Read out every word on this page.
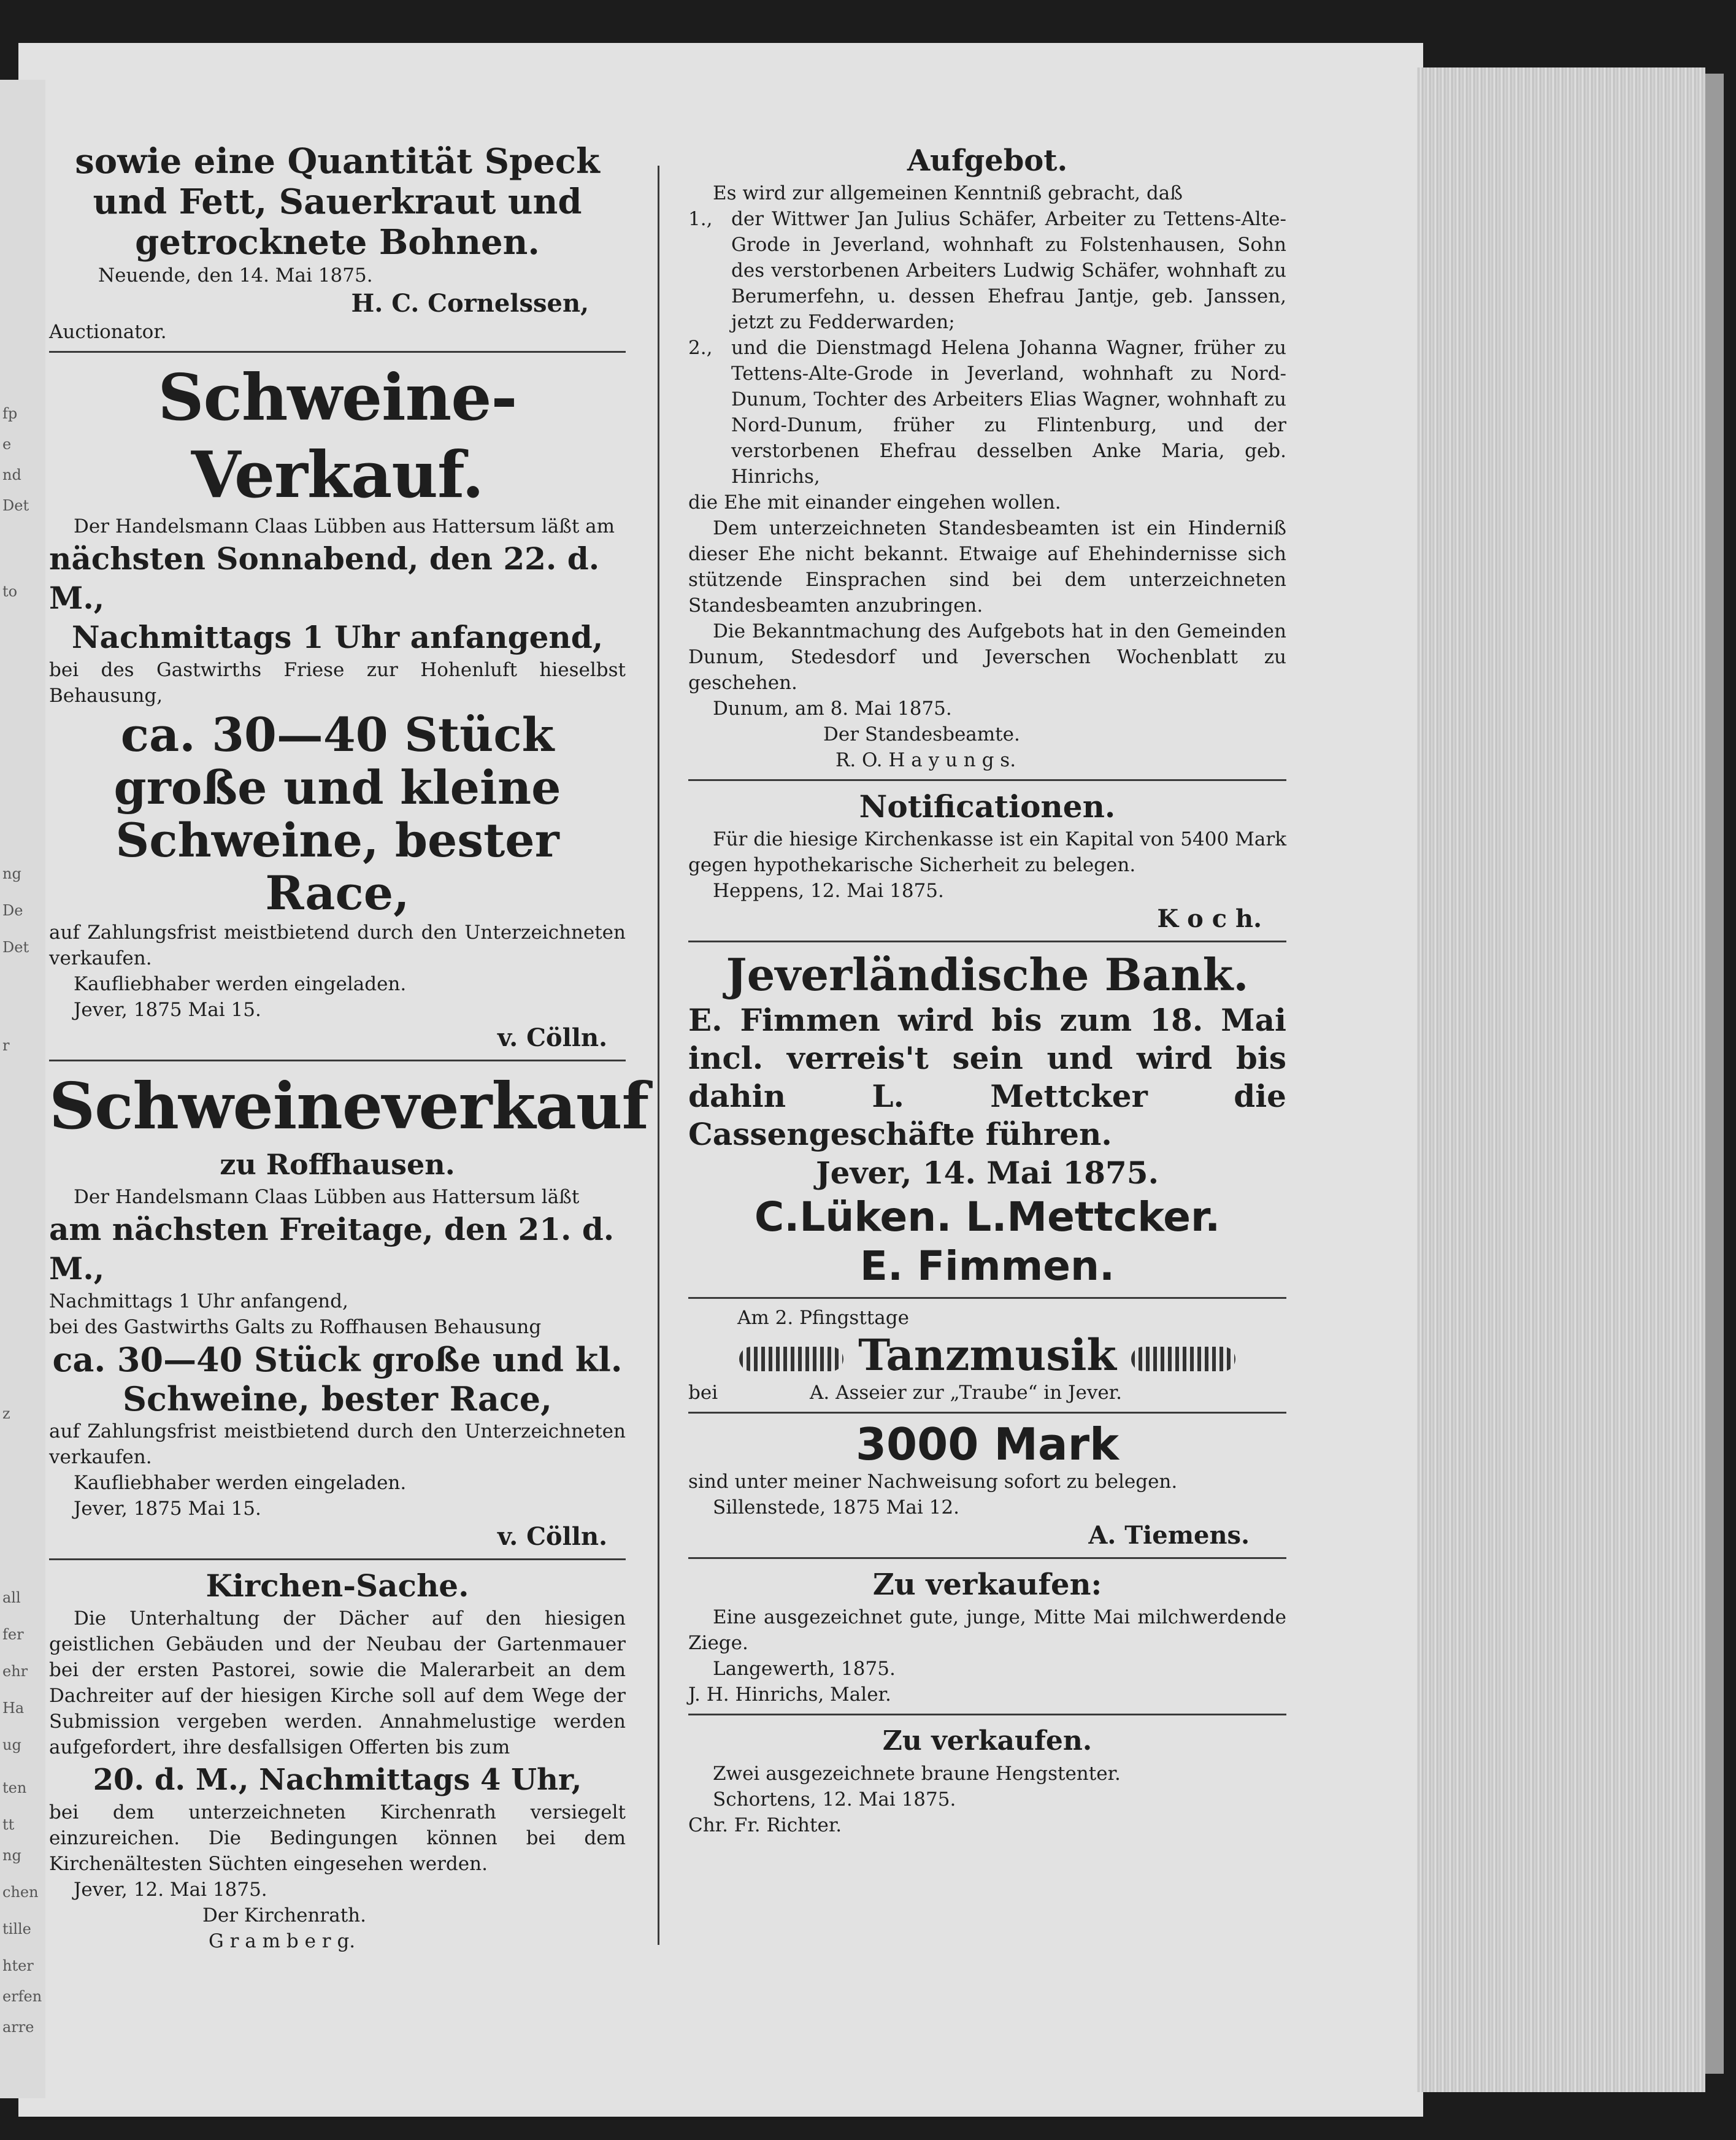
fp
e
nd
Det
to
ng
De
Det
r
z
all
fer
ehr
Ha
ug
ten
tt
ng
chen
tille
hter
erfen
arre

sowie eine Quantität Speck

und Fett, Sauerkraut und

getrocknete Bohnen.

Neuende, den 14. Mai 1875.

H. C. Cornelssen,

Auctionator.

Schweine-Verkauf.

Der Handelsmann Claas Lübben aus Hattersum läßt am

nächsten Sonnabend, den 22. d. M.,

Nachmittags 1 Uhr anfangend,

bei des Gastwirths Friese zur Hohenluft hieselbst Behausung,

ca. 30—40 Stück große und kleine Schweine, bester Race,

auf Zahlungsfrist meistbietend durch den Unterzeichneten verkaufen.

Kaufliebhaber werden eingeladen.

Jever, 1875 Mai 15.

v. Cölln.

Schweineverkauf

zu Roffhausen.

Der Handelsmann Claas Lübben aus Hattersum läßt

am nächsten Freitage, den 21. d. M.,

Nachmittags 1 Uhr anfangend,

bei des Gastwirths Galts zu Roffhausen Behausung

ca. 30—40 Stück große und kl. Schweine, bester Race,

auf Zahlungsfrist meistbietend durch den Unterzeichneten verkaufen.

Kaufliebhaber werden eingeladen.

Jever, 1875 Mai 15.

v. Cölln.

Kirchen-Sache.

Die Unterhaltung der Dächer auf den hiesigen geistlichen Gebäuden und der Neubau der Gartenmauer bei der ersten Pastorei, sowie die Malerarbeit an dem Dachreiter auf der hiesigen Kirche soll auf dem Wege der Submission vergeben werden. Annahmelustige werden aufgefordert, ihre desfallsigen Offerten bis zum

20. d. M., Nachmittags 4 Uhr,

bei dem unterzeichneten Kirchenrath versiegelt einzureichen. Die Bedingungen können bei dem Kirchenältesten Süchten eingesehen werden.

Jever, 12. Mai 1875.

Der Kirchenrath.

G r a m b e r g.

Aufgebot.

Es wird zur allgemeinen Kenntniß gebracht, daß

1., der Wittwer Jan Julius Schäfer, Arbeiter zu Tettens-Alte-Grode in Jeverland, wohnhaft zu Folstenhausen, Sohn des verstorbenen Arbeiters Ludwig Schäfer, wohnhaft zu Berumerfehn, u. dessen Ehefrau Jantje, geb. Janssen, jetzt zu Fedderwarden;
2., und die Dienstmagd Helena Johanna Wagner, früher zu Tettens-Alte-Grode in Jeverland, wohnhaft zu Nord-Dunum, Tochter des Arbeiters Elias Wagner, wohnhaft zu Nord-Dunum, früher zu Flintenburg, und der verstorbenen Ehefrau desselben Anke Maria, geb. Hinrichs,

die Ehe mit einander eingehen wollen.

Dem unterzeichneten Standesbeamten ist ein Hinderniß dieser Ehe nicht bekannt. Etwaige auf Ehehindernisse sich stützende Einsprachen sind bei dem unterzeichneten Standesbeamten anzubringen.

Die Bekanntmachung des Aufgebots hat in den Gemeinden Dunum, Stedesdorf und Jeverschen Wochenblatt zu geschehen.

Dunum, am 8. Mai 1875.

Der Standesbeamte.

R. O. H a y u n g s.

Notificationen.

Für die hiesige Kirchenkasse ist ein Kapital von 5400 Mark gegen hypothekarische Sicherheit zu belegen.

Heppens, 12. Mai 1875.

K o c h.

Jeverländische Bank.

E. Fimmen wird bis zum 18. Mai incl. verreis't sein und wird bis dahin L. Mettcker die Cassengeschäfte führen.

Jever, 14. Mai 1875.

C.Lüken. L.Mettcker.

E. Fimmen.

Am 2. Pfingsttage

Tanzmusik

bei	A. Asseier zur „Traube“ in Jever.

3000 Mark

sind unter meiner Nachweisung sofort zu belegen.

Sillenstede, 1875 Mai 12.

A. Tiemens.

Zu verkaufen:

Eine ausgezeichnet gute, junge, Mitte Mai milchwerdende Ziege.

Langewerth, 1875.

J. H. Hinrichs, Maler.

Zu verkaufen.

Zwei ausgezeichnete braune Hengstenter.

Schortens, 12. Mai 1875.

Chr. Fr. Richter.
